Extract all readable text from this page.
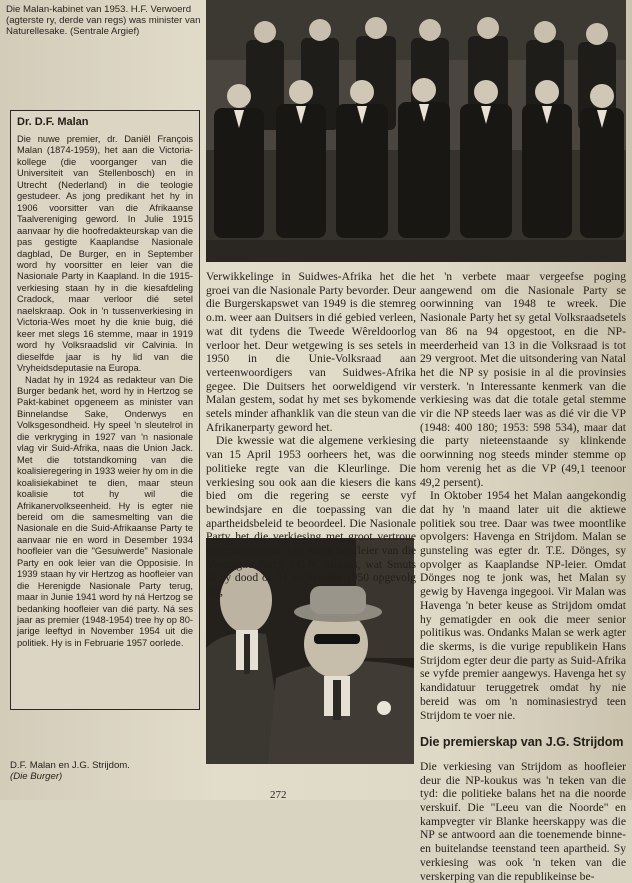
Die Malan-kabinet van 1953. H.F. Verwoerd (agterste ry, derde van regs) was minister van Naturellesake. (Sentrale Argief)
Dr. D.F. Malan

Die nuwe premier, dr. Daniël François Malan (1874-1959), het aan die Victoria-kollege (die voorganger van die Universiteit van Stellenbosch) en in Utrecht (Nederland) in die teologie gestudeer. As jong predikant het hy in 1906 voorsitter van die Afrikaanse Taalvereniging geword. In Julie 1915 aanvaar hy die hoofredakteurskap van die pas gestigte Kaaplandse Nasionale dagblad, De Burger, en in September word hy voorsitter en leier van die Nasionale Party in Kaapland. In die 1915-verkiesing staan hy in die kiesafdeling Cradock, maar verloor dié setel naelskraap. Ook in 'n tussenverkiesing in Victoria-Wes moet hy die knie buig, dié keer met slegs 16 stemme, maar in 1919 word hy Volksraadslid vir Calvinia. In dieselfde jaar is hy lid van die Vryheidsdeputasie na Europa.

Nadat hy in 1924 as redakteur van Die Burger bedank het, word hy in Hertzog se Pakt-kabinet opgeneem as minister van Binnelandse Sake, Onderwys en Volksgesondheid. Hy speel 'n sleutelrol in die verkryging in 1927 van 'n nasionale vlag vir Suid-Afrika, naas die Union Jack. Met die totstandkoming van die koalisieregering in 1933 weier hy om in die koalisiekabinet te dien, maar steun koalisie tot hy wil die Afrikanervolkseenheid. Hy is egter nie bereid om die samesmelting van die Nasionale en die Suid-Afrikaanse Party te aanvaar nie en word in Desember 1934 hoofleier van die "Gesuiwerde" Nasionale Party en ook leier van die Opposisie. In 1939 staan hy vir Hertzog as hoofleier van die Herenigde Nasionale Party terug, maar in Junie 1941 word hy ná Hertzog se bedanking hoofleier van dié party. Ná ses jaar as premier (1948-1954) tree hy op 80-jarige leeftyd in November 1954 uit die politiek. Hy is in Februarie 1957 oorlede.

D.F. Malan en J.G. Strijdom.
(Die Burger)

Verwikkelinge in Suidwes-Afrika het die groei van die Nasionale Party bevorder. Deur die Burgerskapswet van 1949 is die stemreg o.m. weer aan Duitsers in dié gebied verleen, wat dit tydens die Tweede Wêreldoorlog verloor het. Deur wetgewing is ses setels in 1950 in die Unie-Volksraad aan verteenwoordigers van Suidwes-Afrika gegee. Die Duitsers het oorweldigend vir Malan gestem, sodat hy met ses bykomende setels minder afhanklik van die steun van die Afrikanerparty geword het.

Die kwessie wat die algemene verkiesing van 15 April 1953 oorheers het, was die politieke regte van die Kleurlinge. Die verkiesing sou ook aan die kiesers die kans bied om die regering se eerste vyf bewindsjare en die toepassing van die apartheidsbeleid te beoordeel. Die Nasionale Party het die verkiesing met groot vertroue tegemoetgegaan. Die nuwe hoofleier van die Verenigde Party, J.G.N. Strauss, wat Smuts ná sy dood op 11 September 1950 opgevolg het,

het 'n verbete maar vergeefse poging aangewend om die Nasionale Party se oorwinning van 1948 te wreek. Die Nasionale Party het sy getal Volksraadsetels van 86 na 94 opgestoot, en die NP-meerderheid van 13 in die Volksraad is tot 29 vergroot. Met die uitsondering van Natal het die NP sy posisie in al die provinsies versterk. 'n Interessante kenmerk van die verkiesing was dat die totale getal stemme vir die NP steeds laer was as dié vir die VP (1948: 400 180; 1953: 598 534), maar dat die party nieteenstaande sy klinkende oorwinning nog steeds minder stemme op hom verenig het as die VP (49,1 teenoor 49,2 persent).

In Oktober 1954 het Malan aangekondig dat hy 'n maand later uit die aktiewe politiek sou tree. Daar was twee moontlike opvolgers: Havenga en Strijdom. Malan se gunsteling was egter dr. T.E. Dönges, sy opvolger as Kaaplandse NP-leier. Omdat Dönges nog te jonk was, het Malan sy gewig by Havenga ingegooi. Vir Malan was Havenga 'n beter keuse as Strijdom omdat hy gematigder en ook die meer senior politikus was. Ondanks Malan se werk agter die skerms, is die vurige republikein Hans Strijdom egter deur die party as Suid-Afrika se vyfde premier aangewys. Havenga het sy kandidatuur teruggetrek omdat hy nie bereid was om 'n nominasiestryd teen Strijdom te voer nie.

Die premierskap van J.G. Strijdom

Die verkiesing van Strijdom as hoofleier deur die NP-koukus was 'n teken van die tyd: die politieke balans het na die noorde verskuif. Die "Leeu van die Noorde" en kampvegter vir Blanke heerskappy was die NP se antwoord aan die toenemende binne- en buitelandse teenstand teen apartheid. Sy verkiesing was ook 'n teken van die verskerping van die republikeinse be-

272
